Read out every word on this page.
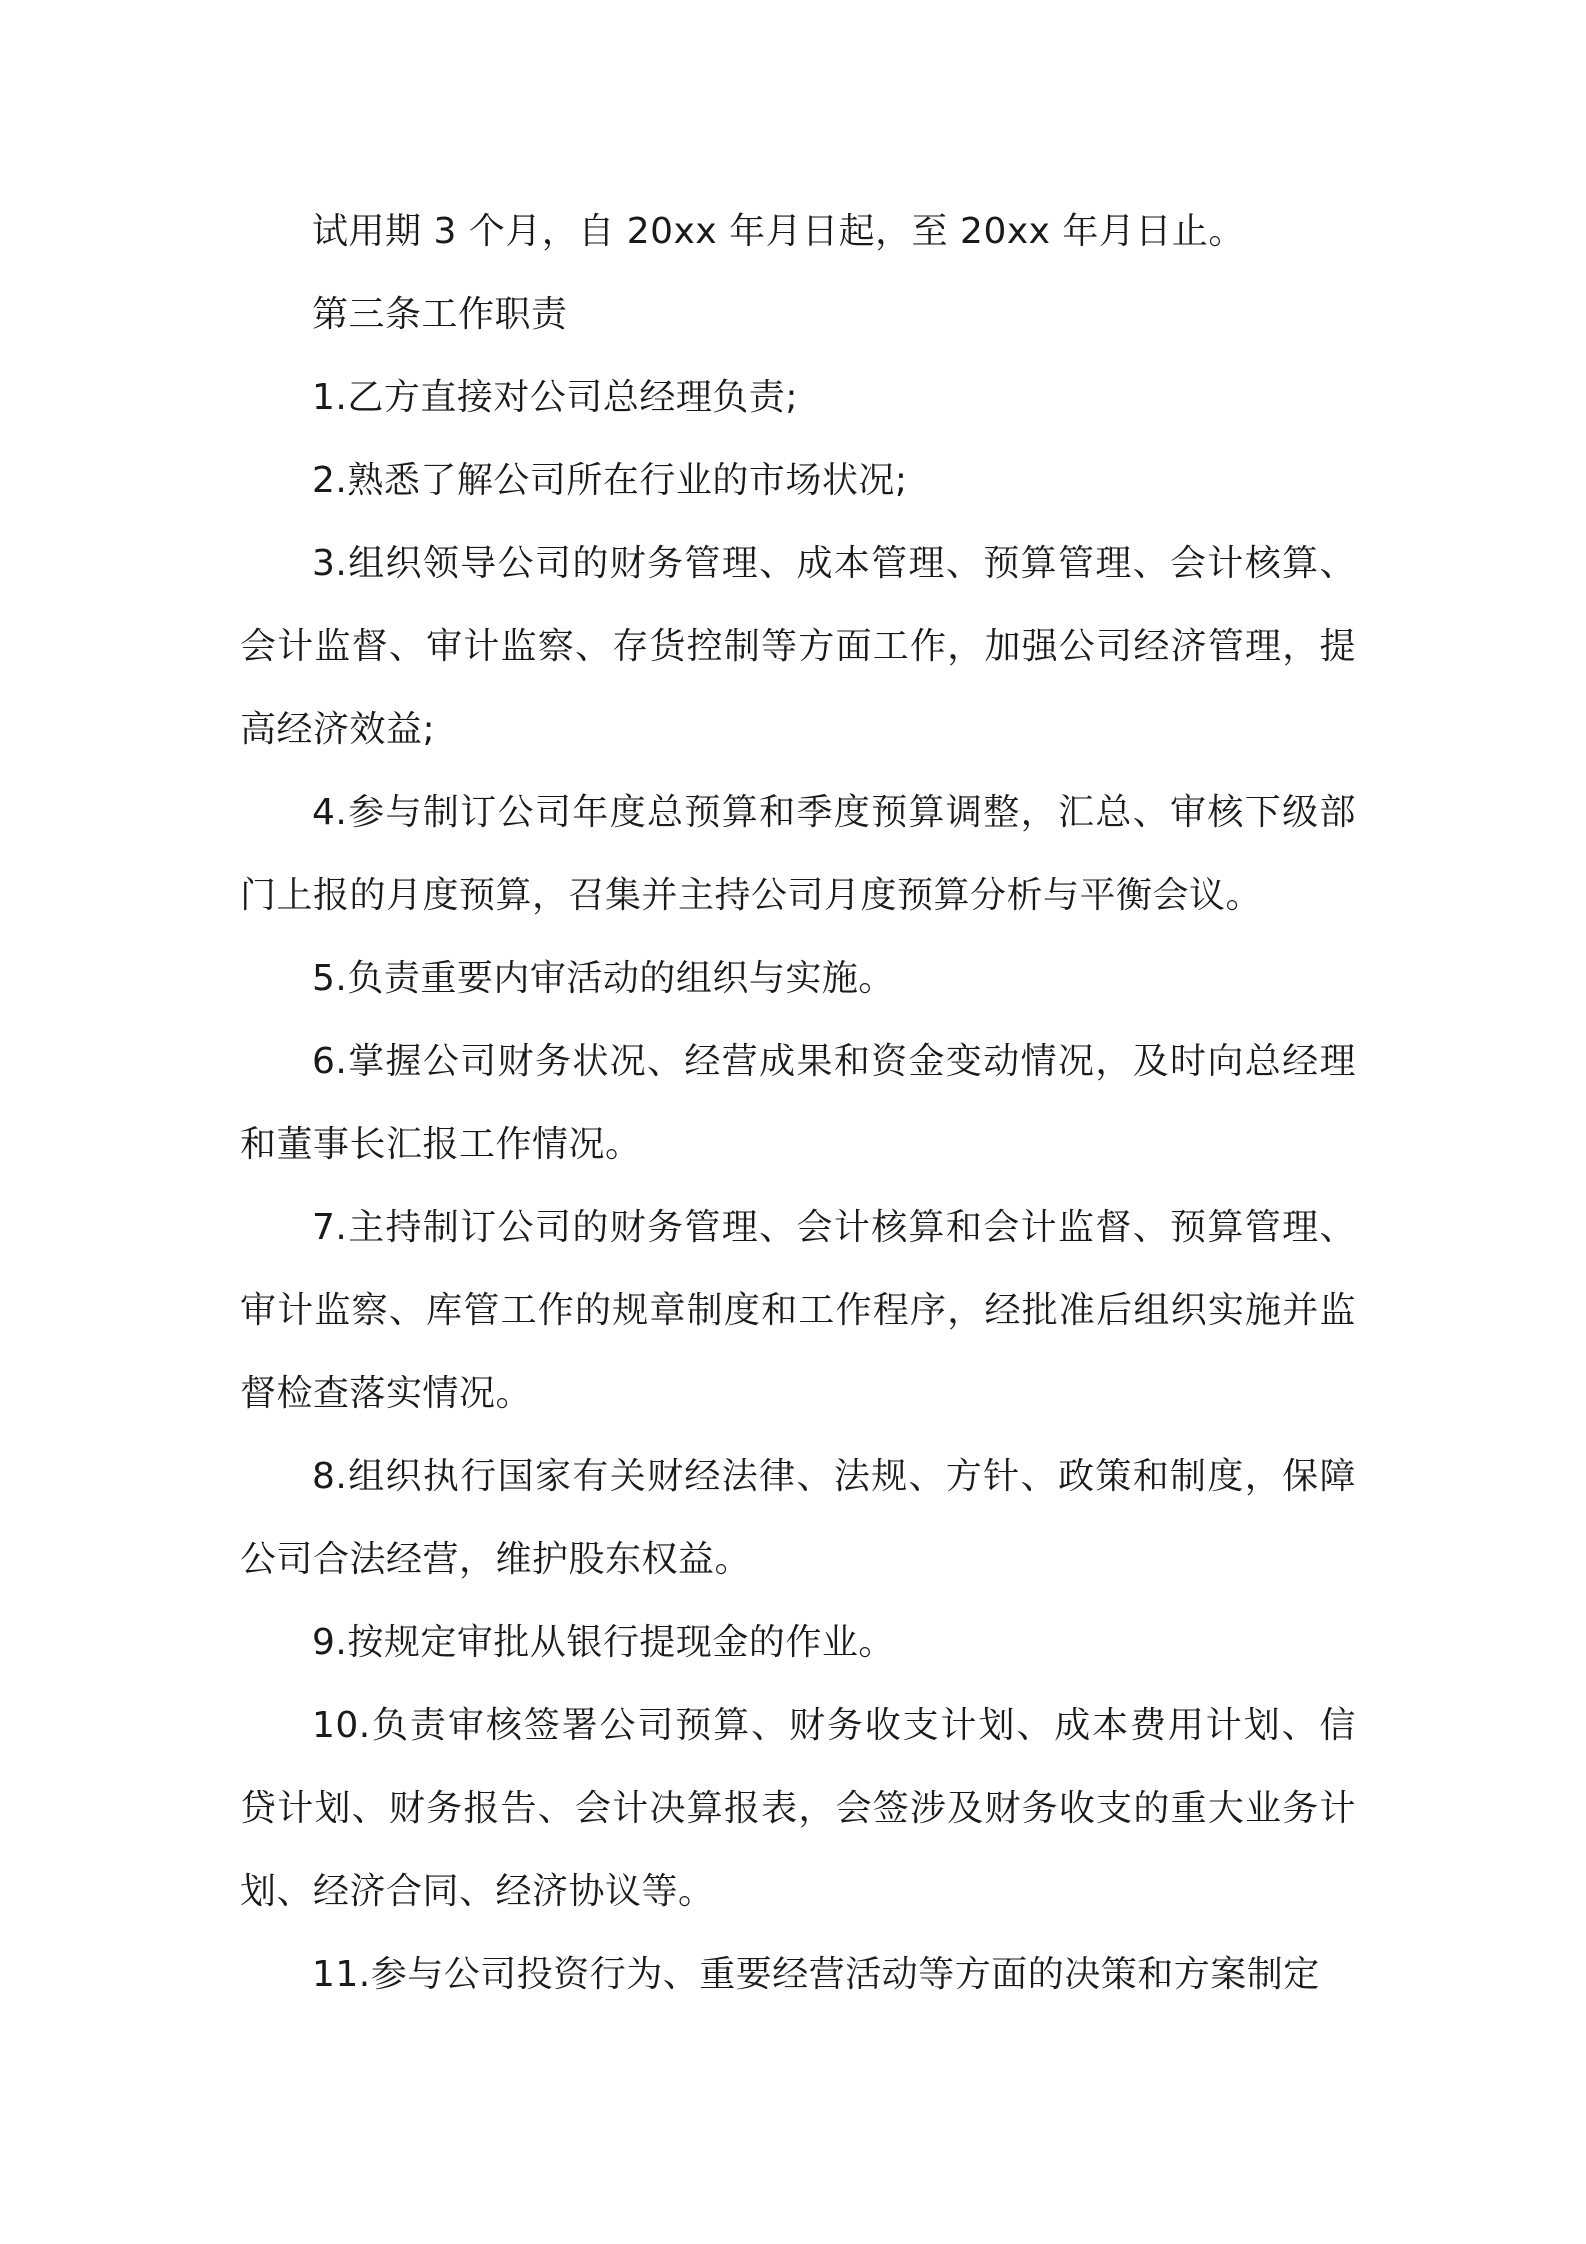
试用期 3 个月，自 20xx 年月日起，至 20xx 年月日止。

第三条工作职责

1.乙方直接对公司总经理负责;

2.熟悉了解公司所在行业的市场状况;

3.组织领导公司的财务管理、成本管理、预算管理、会计核算、会计监督、审计监察、存货控制等方面工作，加强公司经济管理，提高经济效益;

4.参与制订公司年度总预算和季度预算调整，汇总、审核下级部门上报的月度预算，召集并主持公司月度预算分析与平衡会议。

5.负责重要内审活动的组织与实施。

6.掌握公司财务状况、经营成果和资金变动情况，及时向总经理和董事长汇报工作情况。

7.主持制订公司的财务管理、会计核算和会计监督、预算管理、审计监察、库管工作的规章制度和工作程序，经批准后组织实施并监督检查落实情况。

8.组织执行国家有关财经法律、法规、方针、政策和制度，保障公司合法经营，维护股东权益。

9.按规定审批从银行提现金的作业。

10.负责审核签署公司预算、财务收支计划、成本费用计划、信贷计划、财务报告、会计决算报表，会签涉及财务收支的重大业务计划、经济合同、经济协议等。

11.参与公司投资行为、重要经营活动等方面的决策和方案制定
